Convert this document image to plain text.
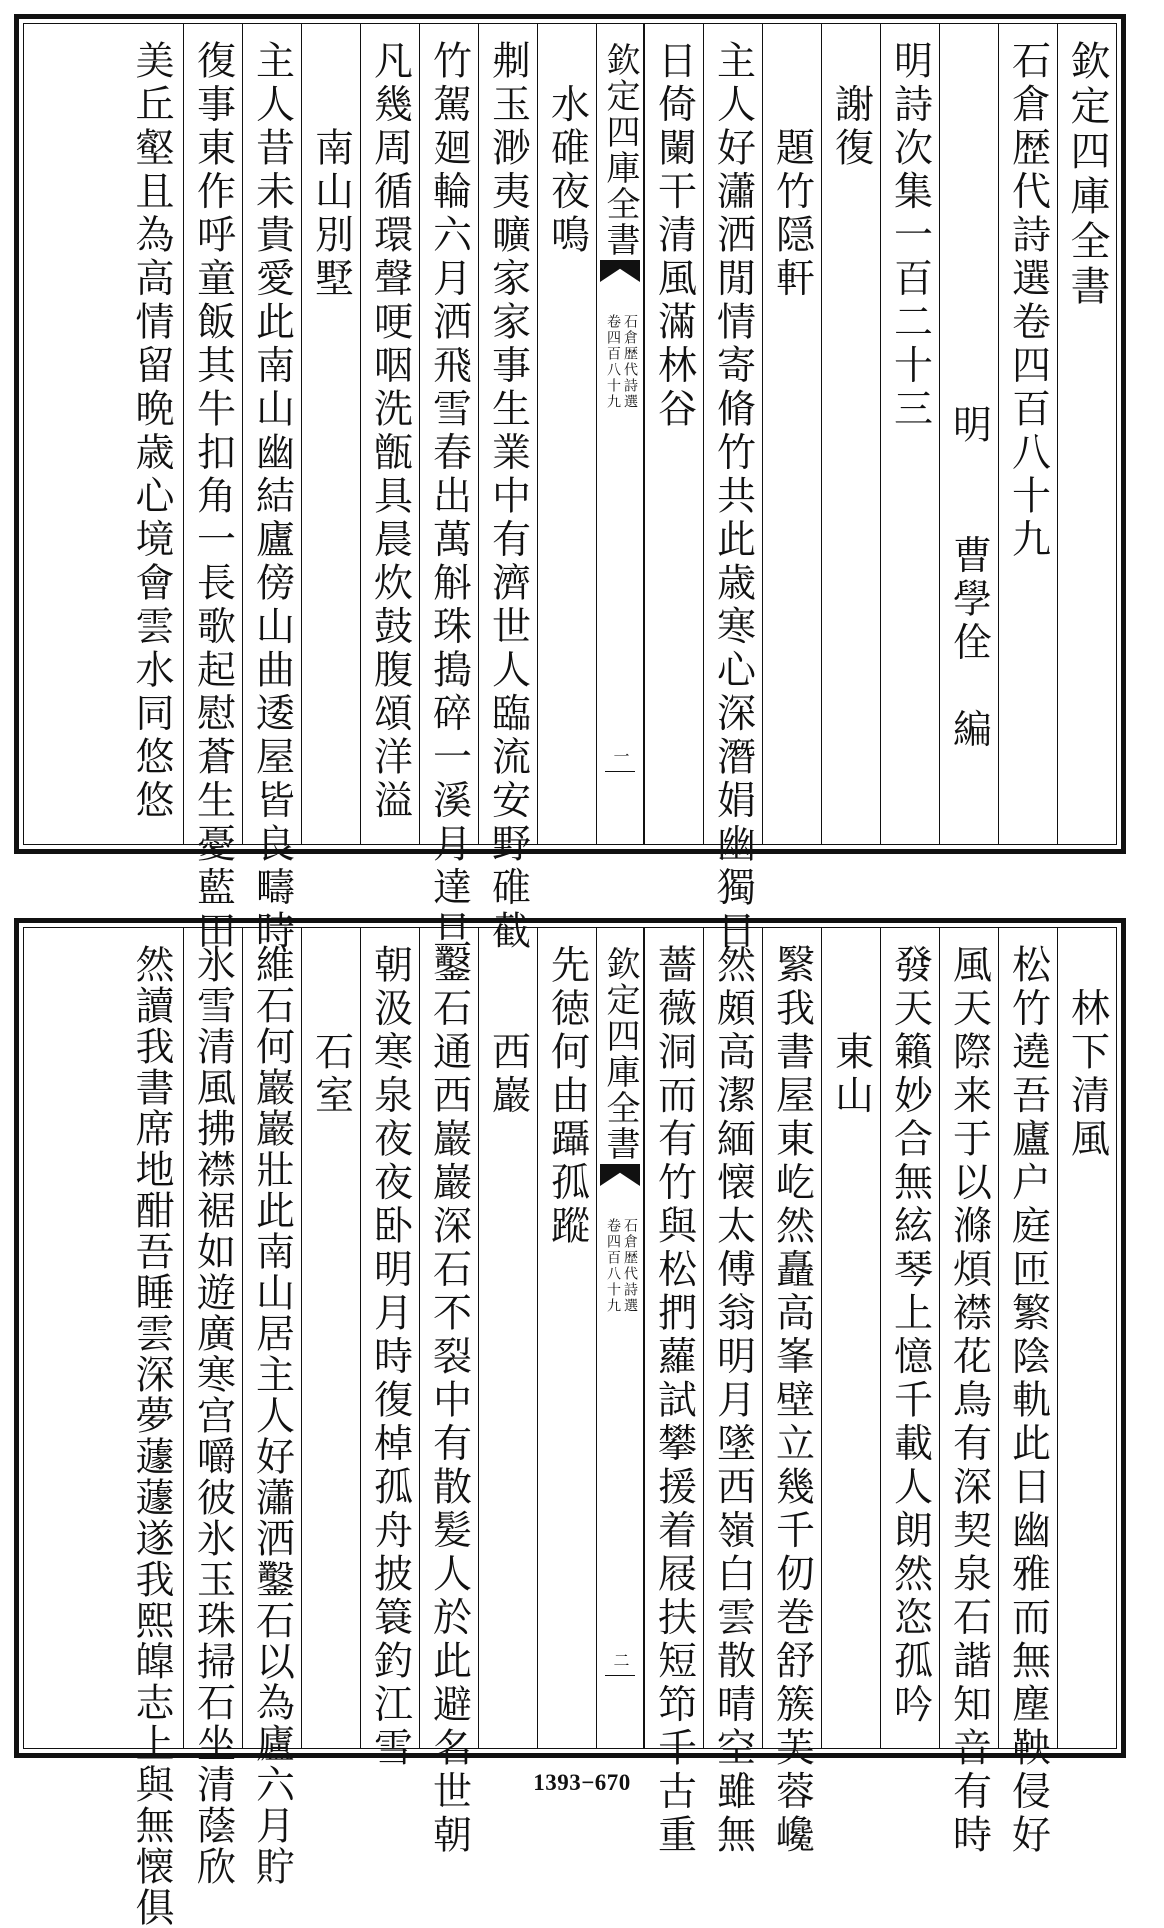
欽定四庫全書
石倉歴代詩選卷四百八十九
明　　曹學佺　編
明詩次集一百二十三
　謝復
　　題竹隠軒
主人好瀟洒閒情寄脩竹共此歳寒心深潛娟幽獨日
日倚闌干清風滿林谷
欽定四庫全書
石倉歴代詩選
卷四百八十九
一
　水碓夜鳴
刜玉渺夷曠家家事生業中有濟世人臨流安野碓截
竹駕廻輪六月洒飛雪春出萬斛珠搗碎一溪月達旦
凡幾周循環聲哽咽洗甑具晨炊鼓腹頌洋溢
　　南山別墅
主人昔未貴愛此南山幽結廬傍山曲逶屋皆良疇時
復事東作呼童飯其牛扣角一長歌起慰蒼生憂藍田
美丘壑且為高情留晩歳心境會雲水同悠悠
　林下清風
松竹遶吾廬户庭匝繁陰軌此日幽雅而無塵鞅侵好
風天際来于以滌煩襟花鳥有深契泉石諧知音有時
發天籟妙合無絃琴上憶千載人朗然恣孤吟
　　東山
繄我書屋東屹然矗高峯壁立幾千仞巻舒簇芙蓉巉
然頗高潔緬懐太傅翁明月墜西嶺白雲散晴空雖無
薔薇洞而有竹與松捫蘿試攀援着屐扶短笻千古重
欽定四庫全書
石倉歴代詩選
卷四百八十九
二
先徳何由躡孤蹤
　　西巖
鑿石通西巖巖深石不裂中有散髪人於此避名世朝
朝汲寒泉夜夜卧明月時復棹孤舟披簑釣江雪
　　石室
維石何巖巖壯此南山居主人好瀟洒鑿石以為廬六月貯
氷雪清風拂襟裾如遊廣寒宫嚼彼氷玉珠掃石坐清蔭欣
然讀我書席地酣吾睡雲深夢蘧蘧遂我熙皥志上與無懐俱	1393−670
